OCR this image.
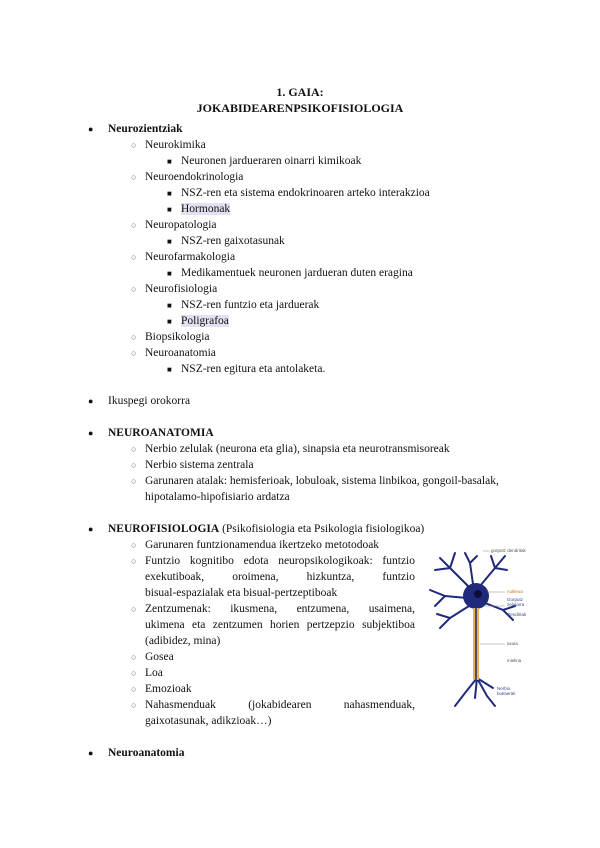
1. GAIA:
JOKABIDEARENPSIKOFISIOLOGIA
● Neurozientziak
○ Neurokimika
■ Neuronen jardueraren oinarri kimikoak
○ Neuroendokrinologia
■ NSZ-ren eta sistema endokrinoaren arteko interakzioa
■ Hormonak
○ Neuropatologia
■ NSZ-ren gaixotasunak
○ Neurofarmakologia
■ Medikamentuek neuronen jardueran duten eragina
○ Neurofisiologia
■ NSZ-ren funtzio eta jarduerak
■ Poligrafoa
○ Biopsikologia
○ Neuroanatomia
■ NSZ-ren egitura eta antolaketa.
● Ikuspegi orokorra
● NEUROANATOMIA
○ Nerbio zelulak (neurona eta glia), sinapsia eta neurotransmisoreak
○ Nerbio sistema zentrala
○ Garunaren atalak: hemisferioak, lobuloak, sistema linbikoa, gongoil-basalak,
hipotalamo-hipofisiario ardatza
● NEUROFISIOLOGIA (Psikofisiologia eta Psikologia fisiologikoa)
○ Garunaren funtzionamendua ikertzeko metotodoak
○ Funtzio kognitibo edota neuropsikologikoak: funtzio
exekutiboak, oroimena, hizkuntza, funtzio
bisual-espazialak eta bisual-pertzeptiboak
○ Zentzumenak: ikusmena, entzumena, usaimena,
ukimena eta zentzumen horien pertzepzio subjektiboa
(adibidez, mina)
○ Gosea
○ Loa
○ Emozioak
○ Nahasmenduak (jokabidearen nahasmenduak,
gaixotasunak, adikzioak…)
● Neuroanatomia
gorputz dendritak
nukleoa
Gorputz zelularra
Dendritak
axoia
mielina
Nerbio bukaerak
